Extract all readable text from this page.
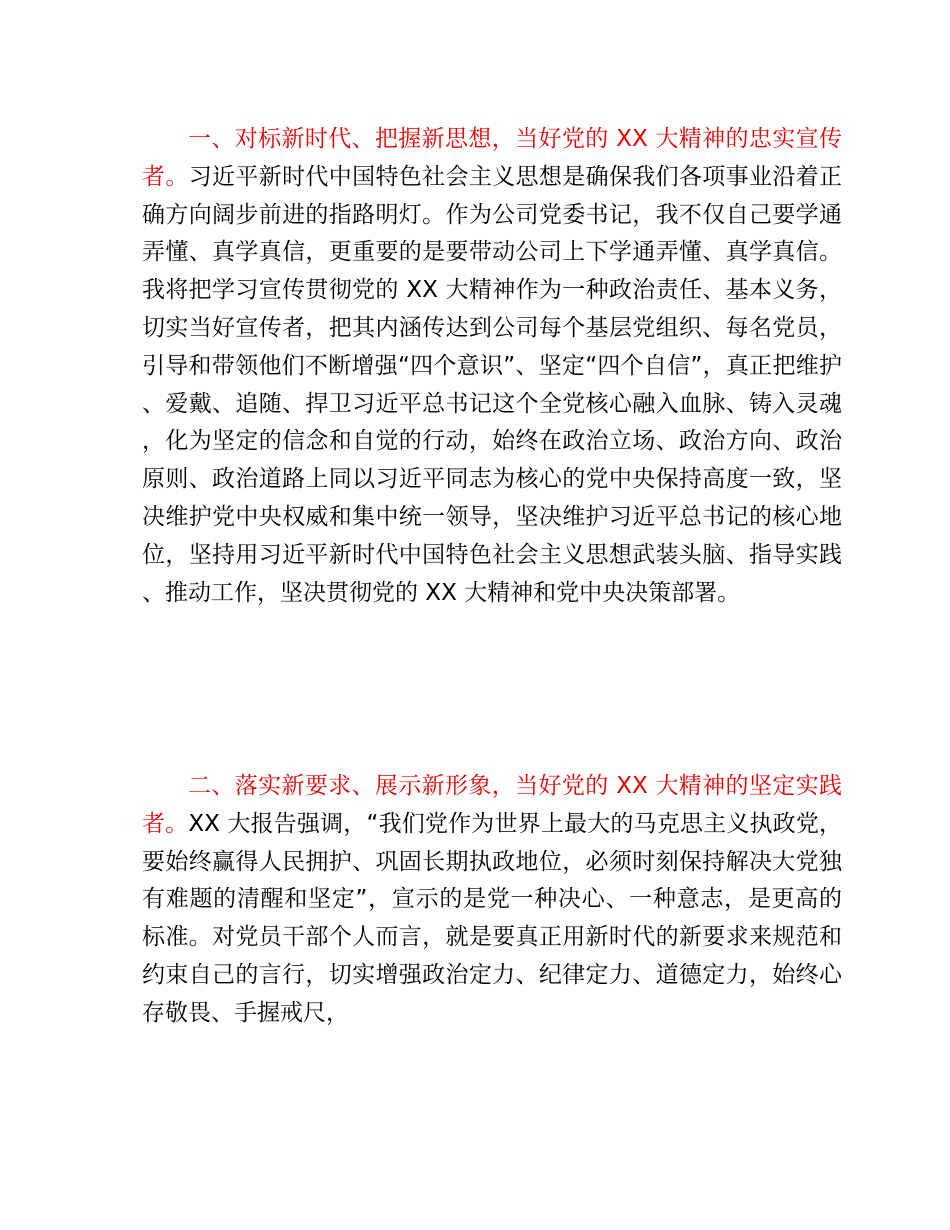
一、对标新时代、把握新思想，当好党的 XX 大精神的忠实宣传者。习近平新时代中国特色社会主义思想是确保我们各项事业沿着正确方向阔步前进的指路明灯。作为公司党委书记，我不仅自己要学通弄懂、真学真信，更重要的是要带动公司上下学通弄懂、真学真信。我将把学习宣传贯彻党的 XX 大精神作为一种政治责任、基本义务，切实当好宣传者，把其内涵传达到公司每个基层党组织、每名党员，引导和带领他们不断增强“四个意识”、坚定“四个自信”，真正把维护、爱戴、追随、捍卫习近平总书记这个全党核心融入血脉、铸入灵魂，化为坚定的信念和自觉的行动，始终在政治立场、政治方向、政治原则、政治道路上同以习近平同志为核心的党中央保持高度一致，坚决维护党中央权威和集中统一领导，坚决维护习近平总书记的核心地位，坚持用习近平新时代中国特色社会主义思想武装头脑、指导实践、推动工作，坚决贯彻党的 XX 大精神和党中央决策部署。

二、落实新要求、展示新形象，当好党的 XX 大精神的坚定实践者。XX 大报告强调，“我们党作为世界上最大的马克思主义执政党，要始终赢得人民拥护、巩固长期执政地位，必须时刻保持解决大党独有难题的清醒和坚定”，宣示的是党一种决心、一种意志，是更高的标准。对党员干部个人而言，就是要真正用新时代的新要求来规范和约束自己的言行，切实增强政治定力、纪律定力、道德定力，始终心存敬畏、手握戒尺，
